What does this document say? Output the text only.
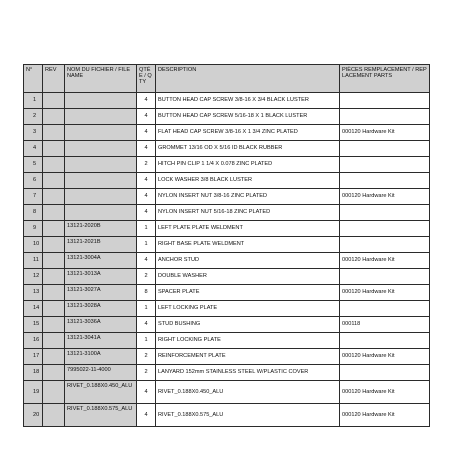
N°	REV	NOM DU FICHIER / FILE NAME	QTÉE / QTY	DESCRIPTION	PIÈCES REMPLACEMENT / REPLACEMENT PARTS
1			4	BUTTON HEAD CAP SCREW 3/8-16 X 3/4 BLACK LUSTER	
2			4	BUTTON HEAD CAP SCREW 5/16-18 X 1 BLACK LUSTER	
3			4	FLAT HEAD CAP SCREW 3/8-16 X 1 3/4 ZINC PLATED	000120 Hardware Kit
4			4	GROMMET 13/16 OD X 5/16 ID BLACK RUBBER	
5			2	HITCH PIN CLIP 1 1/4 X 0.078 ZINC PLATED	
6			4	LOCK WASHER 3/8 BLACK LUSTER	
7			4	NYLON INSERT NUT 3/8-16 ZINC PLATED	000120 Hardware Kit
8			4	NYLON INSERT NUT 5/16-18 ZINC PLATED	
9		13121-2020B	1	LEFT PLATE PLATE WELDMENT	
10		13121-2021B	1	RIGHT BASE PLATE WELDMENT	
11		13121-3004A	4	ANCHOR STUD	000120 Hardware Kit
12		13121-3013A	2	DOUBLE WASHER	
13		13121-3027A	8	SPACER PLATE	000120 Hardware Kit
14		13121-3028A	1	LEFT LOCKING PLATE	
15		13121-3036A	4	STUD BUSHING	000118
16		13121-3041A	1	RIGHT LOCKING PLATE	
17		13121-3100A	2	REINFORCEMENT PLATE	000120 Hardware Kit
18		7995022-11-4000	2	LANYARD 152mm STAINLESS STEEL W/PLASTIC COVER	
19		RIVET_0.188X0.450_ALU	4	RIVET_0.188X0.450_ALU	000120 Hardware Kit
20		RIVET_0.188X0.575_ALU	4	RIVET_0.188X0.575_ALU	000120 Hardware Kit
